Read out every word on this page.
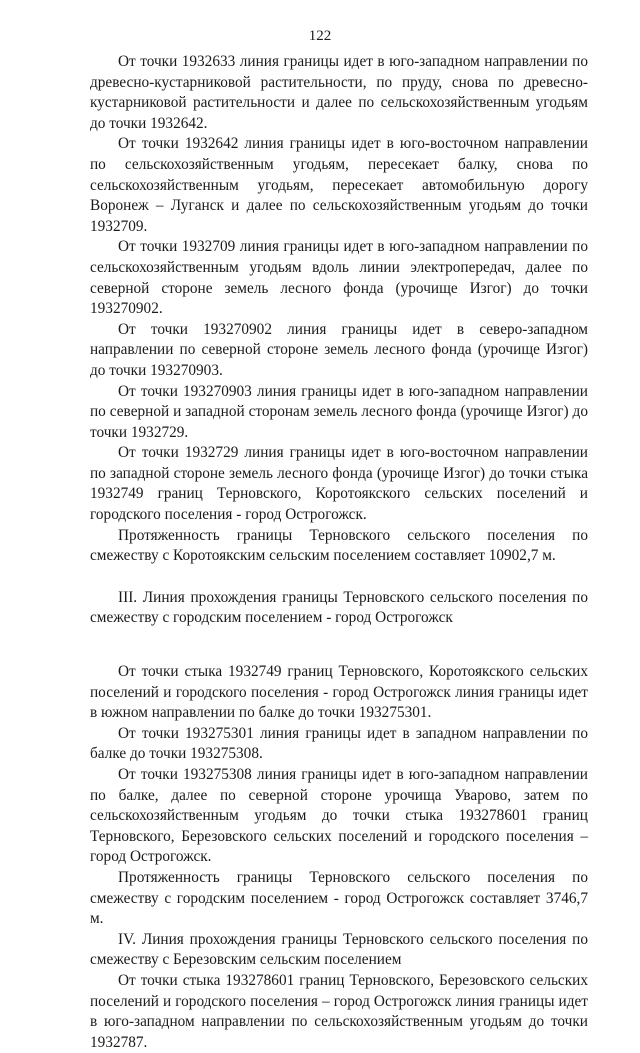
122

От точки 1932633 линия границы идет в юго-западном направлении по древесно-кустарниковой растительности, по пруду, снова по древесно-кустарниковой растительности и далее по сельскохозяйственным угодьям до точки 1932642.

От точки 1932642 линия границы идет в юго-восточном направлении по сельскохозяйственным угодьям, пересекает балку, снова по сельскохозяйственным угодьям, пересекает автомобильную дорогу Воронеж – Луганск и далее по сельскохозяйственным угодьям до точки 1932709.

От точки 1932709 линия границы идет в юго-западном направлении по сельскохозяйственным угодьям вдоль линии электропередач, далее по северной стороне земель лесного фонда (урочище Изгог) до точки 193270902.

От точки 193270902 линия границы идет в северо-западном направлении по северной стороне земель лесного фонда (урочище Изгог) до точки 193270903.

От точки 193270903 линия границы идет в юго-западном направлении по северной и западной сторонам земель лесного фонда (урочище Изгог) до точки 1932729.

От точки 1932729 линия границы идет в юго-восточном направлении по западной стороне земель лесного фонда (урочище Изгог) до точки стыка 1932749 границ Терновского, Коротоякского сельских поселений и городского поселения - город Острогожск.

Протяженность границы Терновского сельского поселения по смежеству с Коротоякским сельским поселением составляет 10902,7 м.

III. Линия прохождения границы Терновского сельского поселения по смежеству с городским поселением - город Острогожск

От точки стыка 1932749 границ Терновского, Коротоякского сельских поселений и городского поселения - город Острогожск линия границы идет в южном направлении по балке до точки 193275301.

От точки 193275301 линия границы идет в западном направлении по балке до точки 193275308.

От точки 193275308 линия границы идет в юго-западном направлении по балке, далее по северной стороне урочища Уварово, затем по сельскохозяйственным угодьям до точки стыка 193278601 границ Терновского, Березовского сельских поселений и городского поселения – город Острогожск.

Протяженность границы Терновского сельского поселения по смежеству с городским поселением - город Острогожск составляет 3746,7 м.

IV. Линия прохождения границы Терновского сельского поселения по смежеству с Березовским сельским поселением

От точки стыка 193278601 границ Терновского, Березовского сельских поселений и городского поселения – город Острогожск линия границы идет в юго-западном направлении по сельскохозяйственным угодьям до точки 1932787.
